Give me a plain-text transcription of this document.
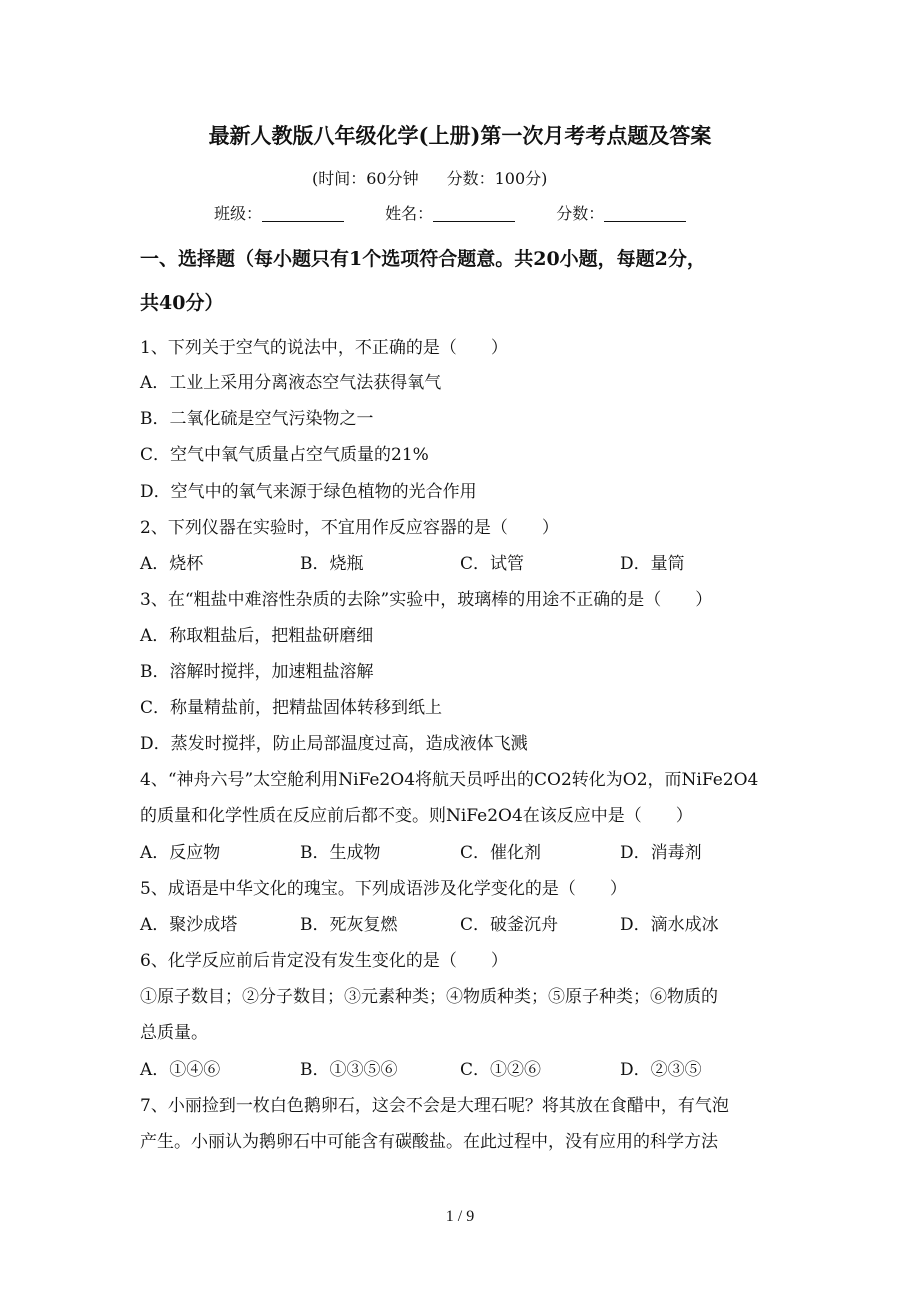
最新人教版八年级化学(上册)第一次月考考点题及答案
(时间：60分钟 分数：100分)
班级：	姓名：	分数：
一、选择题（每小题只有1个选项符合题意。共20小题，每题2分，
共40分）
1、下列关于空气的说法中，不正确的是（　　）
A．工业上采用分离液态空气法获得氧气
B．二氧化硫是空气污染物之一
C．空气中氧气质量占空气质量的21%
D．空气中的氧气来源于绿色植物的光合作用
2、下列仪器在实验时，不宜用作反应容器的是（　　）
A．烧杯	B．烧瓶	C．试管	D．量筒
3、在“粗盐中难溶性杂质的去除”实验中，玻璃棒的用途不正确的是（　　）
A．称取粗盐后，把粗盐研磨细
B．溶解时搅拌，加速粗盐溶解
C．称量精盐前，把精盐固体转移到纸上
D．蒸发时搅拌，防止局部温度过高，造成液体飞溅
4、“神舟六号”太空舱利用NiFe2O4将航天员呼出的CO2转化为O2，而NiFe2O4
的质量和化学性质在反应前后都不变。则NiFe2O4在该反应中是（　　）
A．反应物	B．生成物	C．催化剂	D．消毒剂
5、成语是中华文化的瑰宝。下列成语涉及化学变化的是（　　）
A．聚沙成塔	B．死灰复燃	C．破釜沉舟	D．滴水成冰
6、化学反应前后肯定没有发生变化的是（　　）
①原子数目；②分子数目；③元素种类；④物质种类；⑤原子种类；⑥物质的
总质量。
A．①④⑥	B．①③⑤⑥	C．①②⑥	D．②③⑤
7、小丽捡到一枚白色鹅卵石，这会不会是大理石呢？将其放在食醋中，有气泡
产生。小丽认为鹅卵石中可能含有碳酸盐。在此过程中，没有应用的科学方法
1 / 9
